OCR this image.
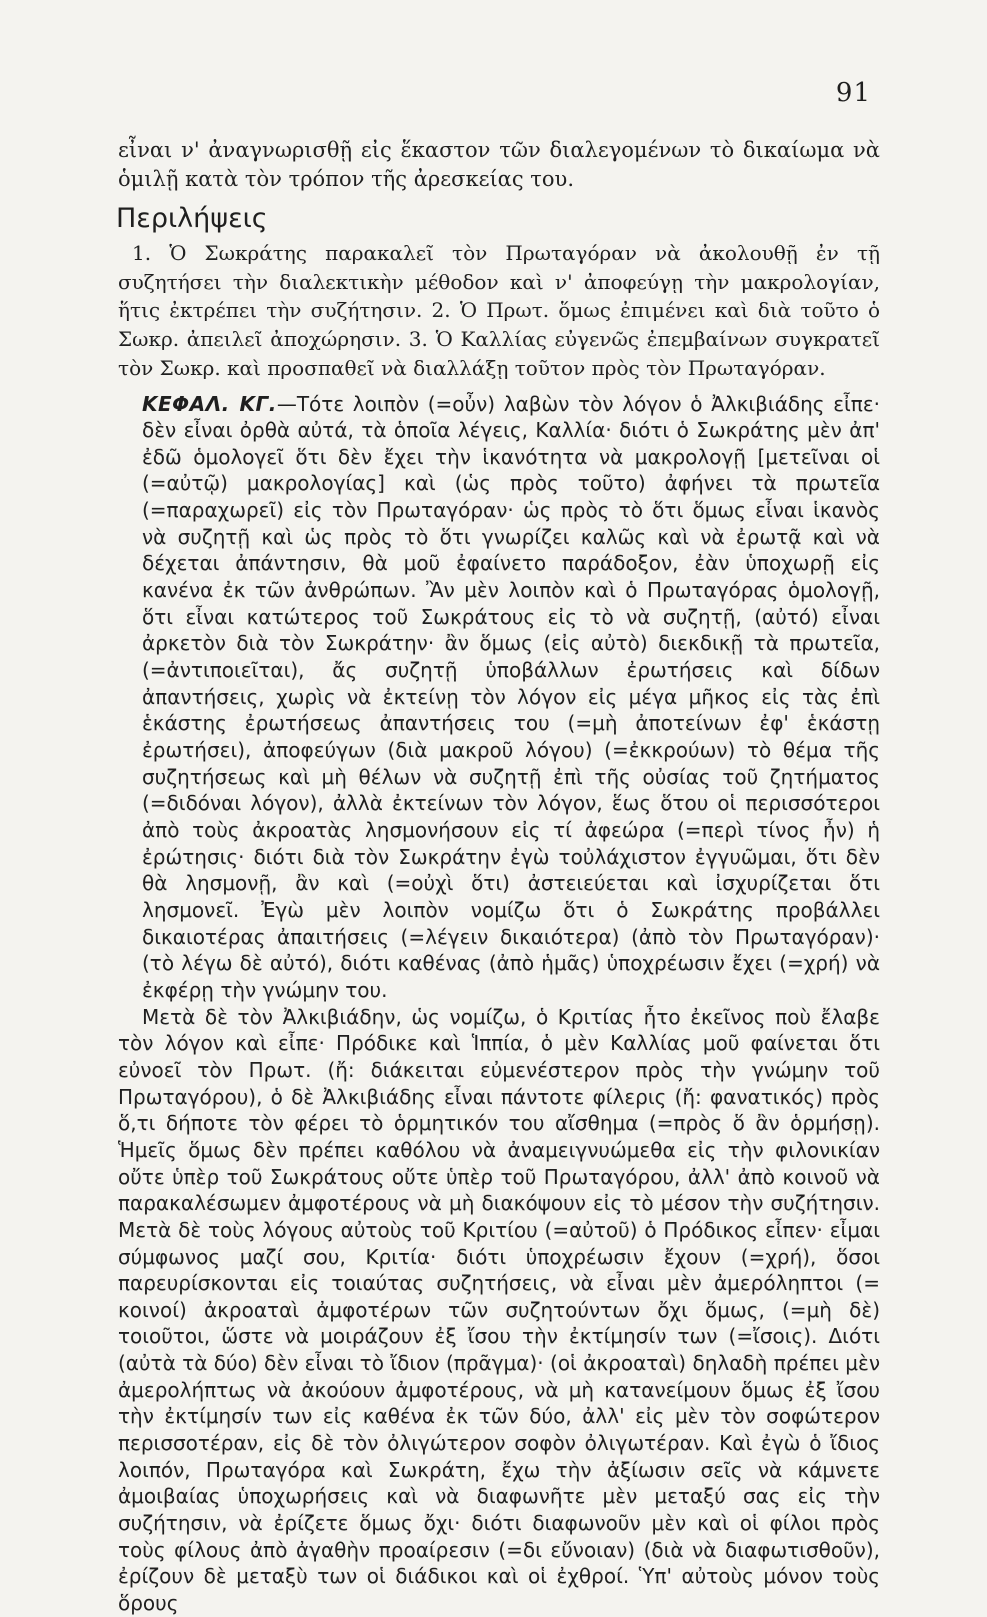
91

εἶναι ν' ἀναγνωρισθῇ εἰς ἕκαστον τῶν διαλεγομένων τὸ δικαίωμα νὰ ὁμιλῇ κατὰ τὸν τρόπον τῆς ἀρεσκείας του.

Περιλήψεις

1. Ὁ Σωκράτης παρακαλεῖ τὸν Πρωταγόραν νὰ ἀκολουθῇ ἐν τῇ συζητήσει τὴν διαλεκτικὴν μέθοδον καὶ ν' ἀποφεύγῃ τὴν μακρολογίαν, ἥτις ἐκτρέπει τὴν συζήτησιν. 2. Ὁ Πρωτ. ὅμως ἐπιμένει καὶ διὰ τοῦτο ὁ Σωκρ. ἀπειλεῖ ἀποχώρησιν. 3. Ὁ Καλλίας εὐγενῶς ἐπεμβαίνων συγκρατεῖ τὸν Σωκρ. καὶ προσπαθεῖ νὰ διαλλάξῃ τοῦτον πρὸς τὸν Πρωταγόραν.

ΚΕΦΑΛ. ΚΓ.—Τότε λοιπὸν (=οὖν) λαβὼν τὸν λόγον ὁ Ἀλκιβιάδης εἶπε· δὲν εἶναι ὀρθὰ αὐτά, τὰ ὁποῖα λέγεις, Καλλία· διότι ὁ Σωκράτης μὲν ἀπ' ἐδῶ ὁμολογεῖ ὅτι δὲν ἔχει τὴν ἱκανότητα νὰ μακρολογῇ [μετεῖναι οἱ (=αὐτῷ) μακρολογίας] καὶ (ὡς πρὸς τοῦτο) ἀφήνει τὰ πρωτεῖα (=παραχωρεῖ) εἰς τὸν Πρωταγόραν· ὡς πρὸς τὸ ὅτι ὅμως εἶναι ἱκανὸς νὰ συζητῇ καὶ ὡς πρὸς τὸ ὅτι γνωρίζει καλῶς καὶ νὰ ἐρωτᾷ καὶ νὰ δέχεται ἀπάντησιν, θὰ μοῦ ἐφαίνετο παράδοξον, ἐὰν ὑποχωρῇ εἰς κανένα ἐκ τῶν ἀνθρώπων. Ἂν μὲν λοιπὸν καὶ ὁ Πρωταγόρας ὁμολογῇ, ὅτι εἶναι κατώτερος τοῦ Σωκράτους εἰς τὸ νὰ συζητῇ, (αὐτό) εἶναι ἀρκετὸν διὰ τὸν Σωκράτην· ἂν ὅμως (εἰς αὐτὸ) διεκδικῇ τὰ πρωτεῖα, (=ἀντιποιεῖται), ἄς συζητῇ ὑποβάλλων ἐρωτήσεις καὶ δίδων ἀπαντήσεις, χωρὶς νὰ ἐκτείνῃ τὸν λόγον εἰς μέγα μῆκος εἰς τὰς ἐπὶ ἑκάστης ἐρωτήσεως ἀπαντήσεις του (=μὴ ἀποτείνων ἐφ' ἑκάστῃ ἐρωτήσει), ἀποφεύγων (διὰ μακροῦ λόγου) (=ἐκκρούων) τὸ θέμα τῆς συζητήσεως καὶ μὴ θέλων νὰ συζητῇ ἐπὶ τῆς οὐσίας τοῦ ζητήματος (=διδόναι λόγον), ἀλλὰ ἐκτείνων τὸν λόγον, ἕως ὅτου οἱ περισσότεροι ἀπὸ τοὺς ἀκροατὰς λησμονήσουν εἰς τί ἀφεώρα (=περὶ τίνος ἦν) ἡ ἐρώτησις· διότι διὰ τὸν Σωκράτην ἐγὼ τοὐλάχιστον ἐγγυῶμαι, ὅτι δὲν θὰ λησμονῇ, ἂν καὶ (=οὐχὶ ὅτι) ἀστειεύεται καὶ ἰσχυρίζεται ὅτι λησμονεῖ. Ἐγὼ μὲν λοιπὸν νομίζω ὅτι ὁ Σωκράτης προβάλλει δικαιοτέρας ἀπαιτήσεις (=λέγειν δικαιότερα) (ἀπὸ τὸν Πρωταγόραν)· (τὸ λέγω δὲ αὐτό), διότι καθένας (ἀπὸ ἡμᾶς) ὑποχρέωσιν ἔχει (=χρή) νὰ ἐκφέρῃ τὴν γνώμην του.

Μετὰ δὲ τὸν Ἀλκιβιάδην, ὡς νομίζω, ὁ Κριτίας ἦτο ἐκεῖνος ποὺ ἔλαβε τὸν λόγον καὶ εἶπε· Πρόδικε καὶ Ἱππία, ὁ μὲν Καλλίας μοῦ φαίνεται ὅτι εὐνοεῖ τὸν Πρωτ. (ἤ: διάκειται εὐμενέστερον πρὸς τὴν γνώμην τοῦ Πρωταγόρου), ὁ δὲ Ἀλκιβιάδης εἶναι πάντοτε φίλερις (ἤ: φανατικός) πρὸς ὅ,τι δήποτε τὸν φέρει τὸ ὁρμητικόν του αἴσθημα (=πρὸς ὅ ἂν ὁρμήσῃ). Ἡμεῖς ὅμως δὲν πρέπει καθόλου νὰ ἀναμειγνυώμεθα εἰς τὴν φιλονικίαν οὔτε ὑπὲρ τοῦ Σωκράτους οὔτε ὑπὲρ τοῦ Πρωταγόρου, ἀλλ' ἀπὸ κοινοῦ νὰ παρακαλέσωμεν ἀμφοτέρους νὰ μὴ διακόψουν εἰς τὸ μέσον τὴν συζήτησιν. Μετὰ δὲ τοὺς λόγους αὐτοὺς τοῦ Κριτίου (=αὐτοῦ) ὁ Πρόδικος εἶπεν· εἶμαι σύμφωνος μαζί σου, Κριτία· διότι ὑποχρέωσιν ἔχουν (=χρή), ὅσοι παρευρίσκονται εἰς τοιαύτας συζητήσεις, νὰ εἶναι μὲν ἀμερόληπτοι (= κοινοί) ἀκροαταὶ ἀμφοτέρων τῶν συζητούντων ὄχι ὅμως, (=μὴ δὲ) τοιοῦτοι, ὥστε νὰ μοιράζουν ἐξ ἴσου τὴν ἐκτίμησίν των (=ἴσοις). Διότι (αὐτὰ τὰ δύο) δὲν εἶναι τὸ ἴδιον (πρᾶγμα)· (οἱ ἀκροαταὶ) δηλαδὴ πρέπει μὲν ἀμερολήπτως νὰ ἀκούουν ἀμφοτέρους, νὰ μὴ κατανείμουν ὅμως ἐξ ἴσου τὴν ἐκτίμησίν των εἰς καθένα ἐκ τῶν δύο, ἀλλ' εἰς μὲν τὸν σοφώτερον περισσοτέραν, εἰς δὲ τὸν ὀλιγώτερον σοφὸν ὀλιγωτέραν. Καὶ ἐγὼ ὁ ἴδιος λοιπόν, Πρωταγόρα καὶ Σωκράτη, ἔχω τὴν ἀξίωσιν σεῖς νὰ κάμνετε ἀμοιβαίας ὑποχωρήσεις καὶ νὰ διαφωνῆτε μὲν μεταξύ σας εἰς τὴν συζήτησιν, νὰ ἐρίζετε ὅμως ὄχι· διότι διαφωνοῦν μὲν καὶ οἱ φίλοι πρὸς τοὺς φίλους ἀπὸ ἀγαθὴν προαίρεσιν (=δι εὔνοιαν) (διὰ νὰ διαφωτισθοῦν), ἐρίζουν δὲ μεταξὺ των οἱ διάδικοι καὶ οἱ ἐχθροί. Ὑπ' αὐτοὺς μόνον τοὺς ὅρους
